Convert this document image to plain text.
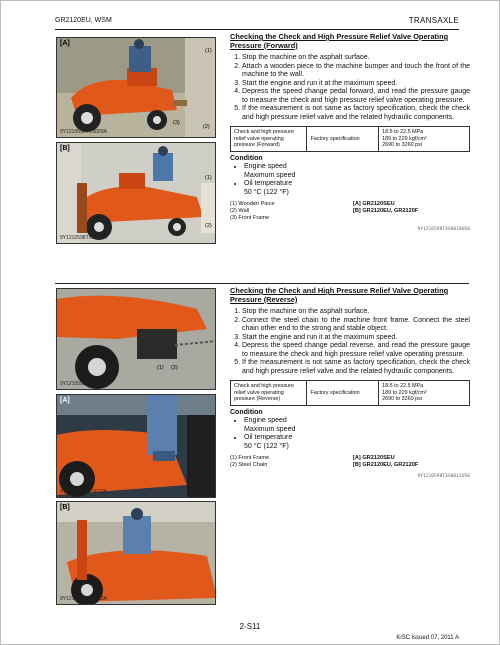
GR2120EU, WSM	TRANSAXLE
[A]
(1)
(2)
(3)
9Y1210598TXS009A
[B]
(1)
(2)
9Y1210598TXS010A
(1) (2)
9Y1210598TXS011A
[A]
9Y1210598TXS013A
[B]
9Y1210598TXS012A
Checking the Check and High Pressure Relief Valve Operating Pressure (Forward)
1. Stop the machine on the asphalt surfaoe.
2. Attach a wooden piece to the machine bumper and touch the front of the machine to the wall.
3. Start the engine and run it at the maximum speed.
4. Depress the speed change pedal forward, and read the pressure gauge to measure the check and high pressure relief valve operating pressure.
5. If the measurement is not same as factory specification, check the check and high pressure relief valve and the related hydraulic components.
Check and high pressure relief valve operating pressure (Forward)	Factory specification	
18.5 to 22.5 MPa
189 to 229 kgf/cm²
2690 to 3260 psi
Condition
• Engine speed
Maximum speed
• Oil temperature
50 °C (122 °F)
(1) Wooden Piece	[A] GR2120SEU
(2) Wall	[B] GR2120EU, GR2120F
(3) Front Frame
9Y1210598TXS0010US0
Checking the Check and High Pressure Relief Valve Operating Pressure (Reverse)
1. Stop the machine on the asphalt surface.
2. Connect the steel chain to the machine front frame. Connect the steel chain other end to the strong and stable object.
3. Start the engine and run it at the maximum speed.
4. Depress the speed change pedal reverse, and read the pressure gauge to measure the check and high pressure relief valve operating pressure.
5. If the measurement is not same as factory specification, check the check and high pressure relief valve and the related hydraulic components.
Check and high pressure relief valve operating pressure (Reverse)	Factory specification	
18.5 to 22.5 MPa
189 to 229 kgf/cm²
2690 to 3260 psi
Condition
• Engine speed
Maximum speed
• Oil temperature
50 °C (122 °F)
(1) Front Frame	[A] GR2120SEU
(2) Steel Chain	[B] GR2120EU, GR2120F
9Y1210598TXS0011US0
2-S11
KiSC issued 07, 2011 A
